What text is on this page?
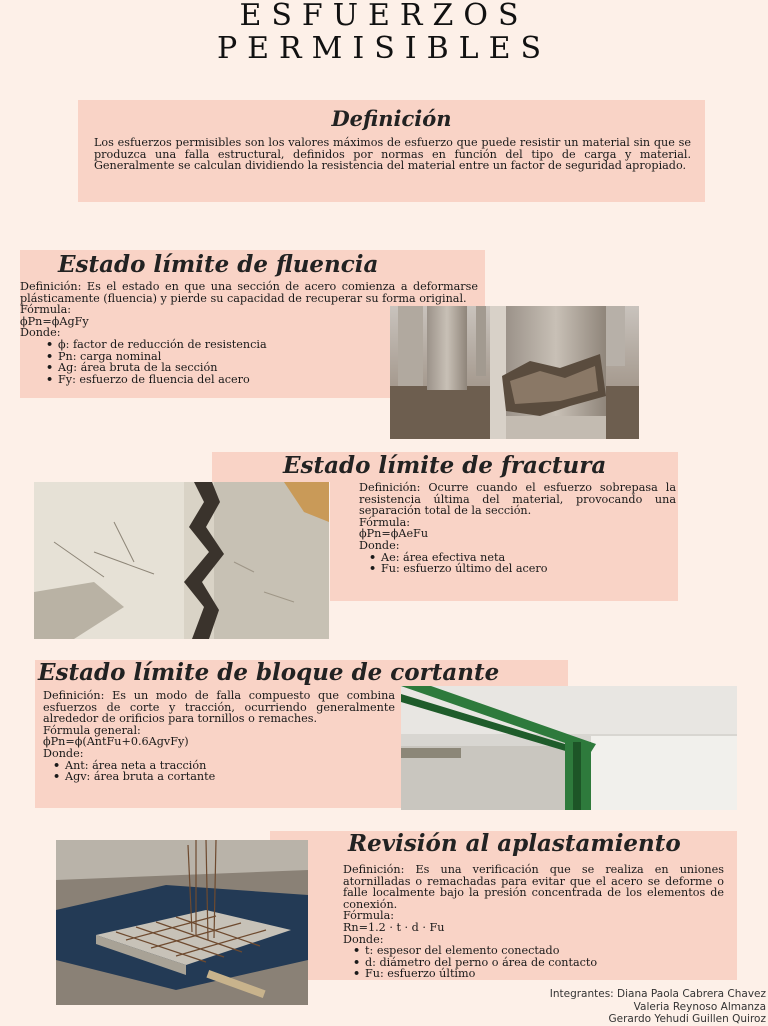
ESFUERZOS
PERMISIBLES
Definición
Los esfuerzos permisibles son los valores máximos de esfuerzo que puede resistir un material sin que se produzca una falla estructural, definidos por normas en función del tipo de carga y material. Generalmente se calculan dividiendo la resistencia del material entre un factor de seguridad apropiado.
Estado límite de fluencia

Definición: Es el estado en que una sección de acero comienza a deformarse plásticamente (fluencia) y pierde su capacidad de recuperar su forma original.

Fórmula:

ϕPn=ϕAgFy

Donde:

• ϕ: factor de reducción de resistencia
• Pn: carga nominal
• Ag: área bruta de la sección
• Fy: esfuerzo de fluencia del acero
Estado límite de fractura

Definición: Ocurre cuando el esfuerzo sobrepasa la resistencia última del material, provocando una separación total de la sección.

Fórmula:

ϕPn=ϕAeFu

Donde:

• Ae: área efectiva neta
• Fu: esfuerzo último del acero
Estado límite de bloque de cortante

Definición: Es un modo de falla compuesto que combina esfuerzos de corte y tracción, ocurriendo generalmente alrededor de orificios para tornillos o remaches.

Fórmula general:

ϕPn=ϕ(AntFu+0.6AgvFy)

Donde:

• Ant: área neta a tracción
• Agv: área bruta a cortante
Revisión al aplastamiento

Definición: Es una verificación que se realiza en uniones atornilladas o remachadas para evitar que el acero se deforme o falle localmente bajo la presión concentrada de los elementos de conexión.

Fórmula:

Rn=1.2 · t · d · Fu

Donde:

• t: espesor del elemento conectado
• d: diámetro del perno o área de contacto
• Fu: esfuerzo último
Integrantes: Diana Paola Cabrera Chavez
Valeria Reynoso Almanza
Gerardo Yehudi Guillen Quiroz
